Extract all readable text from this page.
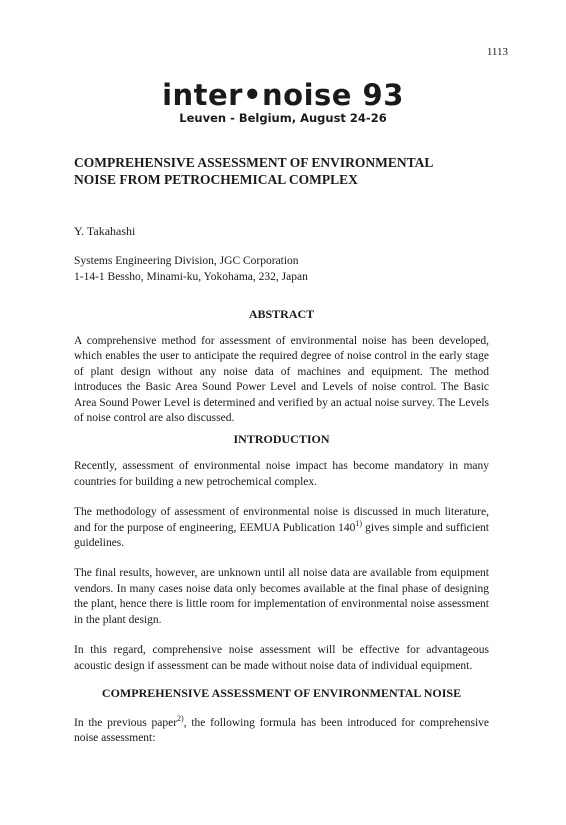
1113
inter•noise 93
Leuven - Belgium, August 24-26
COMPREHENSIVE ASSESSMENT OF ENVIRONMENTAL
NOISE FROM PETROCHEMICAL COMPLEX
Y. Takahashi
Systems Engineering Division, JGC Corporation
1-14-1 Bessho, Minami-ku, Yokohama, 232, Japan
ABSTRACT

A comprehensive method for assessment of environmental noise has been developed, which enables the user to anticipate the required degree of noise control in the early stage of plant design without any noise data of machines and equipment. The method introduces the Basic Area Sound Power Level and Levels of noise control. The Basic Area Sound Power Level is determined and verified by an actual noise survey. The Levels of noise control are also discussed.

INTRODUCTION

Recently, assessment of environmental noise impact has become mandatory in many countries for building a new petrochemical complex.

The methodology of assessment of environmental noise is discussed in much literature, and for the purpose of engineering, EEMUA Publication 140$^{1)}$ gives simple and sufficient guidelines.

The final results, however, are unknown until all noise data are available from equipment vendors. In many cases noise data only becomes available at the final phase of designing the plant, hence there is little room for implementation of environmental noise assessment in the plant design.

In this regard, comprehensive noise assessment will be effective for advantageous acoustic design if assessment can be made without noise data of individual equipment.

COMPREHENSIVE ASSESSMENT OF ENVIRONMENTAL NOISE

In the previous paper$^{2)}$, the following formula has been introduced for comprehensive noise assessment:
